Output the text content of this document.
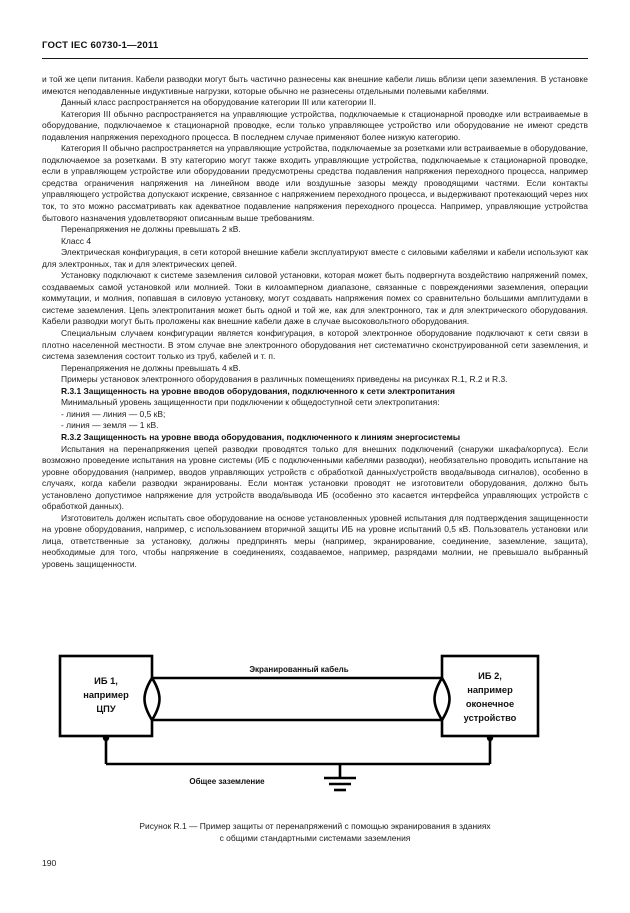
ГОСТ IEC 60730-1—2011

и той же цепи питания. Кабели разводки могут быть частично разнесены как внешние кабели лишь вблизи цепи заземления. В установке имеются неподавленные индуктивные нагрузки, которые обычно не разнесены отдельными полевыми кабелями.

Данный класс распространяется на оборудование категории III или категории II.

Категория III обычно распространяется на управляющие устройства, подключаемые к стационарной проводке или встраиваемые в оборудование, подключаемое к стационарной проводке, если только управляющее устройство или оборудование не имеют средств подавления напряжения переходного процесса. В последнем случае применяют более низкую категорию.

Категория II обычно распространяется на управляющие устройства, подключаемые за розетками или встраиваемые в оборудование, подключаемое за розетками. В эту категорию могут также входить управляющие устройства, подключаемые к стационарной проводке, если в управляющем устройстве или оборудовании предусмотрены средства подавления напряжения переходного процесса, например средства ограничения напряжения на линейном вводе или воздушные зазоры между проводящими частями. Если контакты управляющего устройства допускают искрение, связанное с напряжением переходного процесса, и выдерживают протекающий через них ток, то это можно рассматривать как адекватное подавление напряжения переходного процесса. Например, управляющие устройства бытового назначения удовлетворяют описанным выше требованиям.

Перенапряжения не должны превышать 2 кВ.

Класс 4

Электрическая конфигурация, в сети которой внешние кабели эксплуатируют вместе с силовыми кабелями и кабели используют как для электронных, так и для электрических цепей.

Установку подключают к системе заземления силовой установки, которая может быть подвергнута воздействию напряжений помех, создаваемых самой установкой или молнией. Токи в килоамперном диапазоне, связанные с повреждениями заземления, операции коммутации, и молния, попавшая в силовую установку, могут создавать напряжения помех со сравнительно большими амплитудами в системе заземления. Цепь электропитания может быть одной и той же, как для электронного, так и для электрического оборудования. Кабели разводки могут быть проложены как внешние кабели даже в случае высоковольтного оборудования.

Специальным случаем конфигурации является конфигурация, в которой электронное оборудование подключают к сети связи в плотно населенной местности. В этом случае вне электронного оборудования нет систематично сконструированной сети заземления, и система заземления состоит только из труб, кабелей и т. п.

Перенапряжения не должны превышать 4 кВ.

Примеры установок электронного оборудования в различных помещениях приведены на рисунках R.1, R.2 и R.3.

R.3.1 Защищенность на уровне вводов оборудования, подключенного к сети электропитания

Минимальный уровень защищенности при подключении к общедоступной сети электропитания:

- линия — линия — 0,5 кВ;

- линия — земля — 1 кВ.

R.3.2 Защищенность на уровне ввода оборудования, подключенного к линиям энергосистемы

Испытания на перенапряжения цепей разводки проводятся только для внешних подключений (снаружи шкафа/корпуса). Если возможно проведение испытания на уровне системы (ИБ с подключенными кабелями разводки), необязательно проводить испытание на уровне оборудования (например, вводов управляющих устройств с обработкой данных/устройств ввода/вывода сигналов), особенно в случаях, когда кабели разводки экранированы. Если монтаж установки проводят не изготовители оборудования, должно быть установлено допустимое напряжение для устройств ввода/вывода ИБ (особенно это касается интерфейса управляющих устройств с обработкой данных).

Изготовитель должен испытать свое оборудование на основе установленных уровней испытания для подтверждения защищенности на уровне оборудования, например, с использованием вторичной защиты ИБ на уровне испытаний 0,5 кВ. Пользователь установки или лица, ответственные за установку, должны предпринять меры (например, экранирование, соединение, заземление, защита), необходимые для того, чтобы напряжение в соединениях, создаваемое, например, разрядами молнии, не превышало выбранный уровень защищенности.

ИБ 1,
например
ЦПУ
ИБ 2,
например
оконечное
устройство
Экранированный кабель
Общее заземление
Рисунок R.1 — Пример защиты от перенапряжений с помощью экранирования в зданиях
с общими стандартными системами заземления
190
